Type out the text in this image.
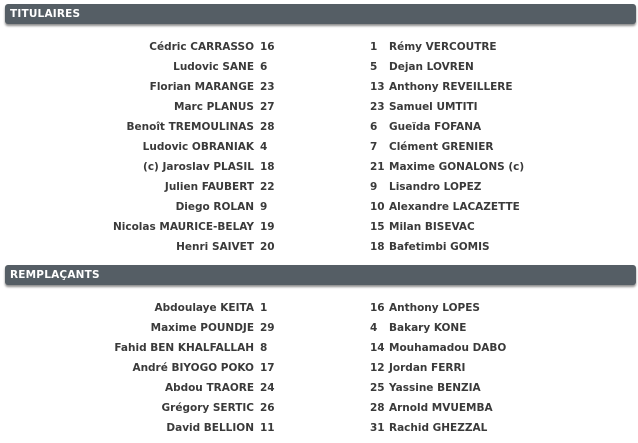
TITULAIRES
Cédric CARRASSO 16	1 Rémy VERCOUTRE
Ludovic SANE 6	5 Dejan LOVREN
Florian MARANGE 23	13 Anthony REVEILLERE
Marc PLANUS 27	23 Samuel UMTITI
Benoît TREMOULINAS 28	6 Gueïda FOFANA
Ludovic OBRANIAK 4	7 Clément GRENIER
(c) Jaroslav PLASIL 18	21 Maxime GONALONS (c)
Julien FAUBERT 22	9 Lisandro LOPEZ
Diego ROLAN 9	10 Alexandre LACAZETTE
Nicolas MAURICE-BELAY 19	15 Milan BISEVAC
Henri SAIVET 20	18 Bafetimbi GOMIS
REMPLAÇANTS
Abdoulaye KEITA 1	16 Anthony LOPES
Maxime POUNDJE 29	4 Bakary KONE
Fahid BEN KHALFALLAH 8	14 Mouhamadou DABO
André BIYOGO POKO 17	12 Jordan FERRI
Abdou TRAORE 24	25 Yassine BENZIA
Grégory SERTIC 26	28 Arnold MVUEMBA
David BELLION 11	31 Rachid GHEZZAL
